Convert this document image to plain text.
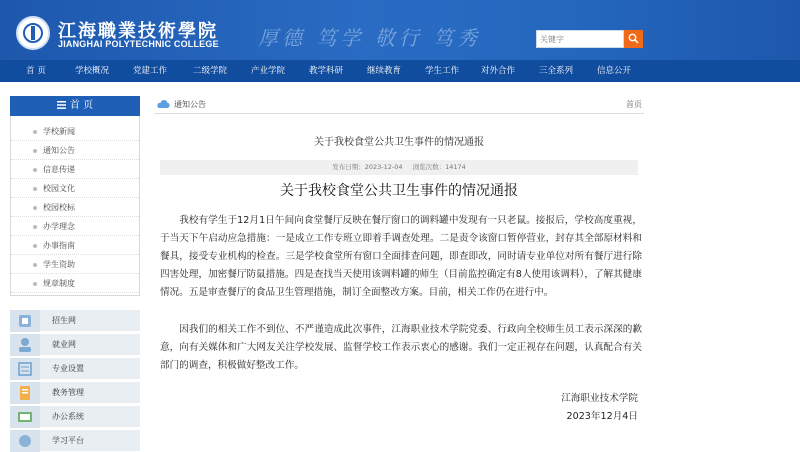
江海職業技術學院
JIANGHAI POLYTECHNIC COLLEGE 厚德 笃学 敬行 笃秀
关键字
首 页	学校概况	党建工作	二级学院	产业学院	教学科研	继续教育	学生工作	对外合作	三全系列	信息公开
首 页
学校新闻
通知公告
信息传递
校园文化
校园校标
办学理念
办事指南
学生资助
规章制度
招生网
就业网
专业设置
教务管理
办公系统
学习平台
通知公告	首页
关于我校食堂公共卫生事件的情况通报
发布日期：2023-12-04 浏览次数：14174
关于我校食堂公共卫生事件的情况通报
我校有学生于12月1日午间向食堂餐厅反映在餐厅窗口的调料罐中发现有一只老鼠。接报后，学校高度重视，于当天下午启动应急措施：一是成立工作专班立即着手调查处理。二是责令该窗口暂停营业，封存其全部原材料和餐具，接受专业机构的检查。三是学校食堂所有窗口全面排查问题，即查即改，同时请专业单位对所有餐厅进行除四害处理，加密餐厅防鼠措施。四是查找当天使用该调料罐的师生（目前监控确定有8人使用该调料），了解其健康情况。五是审查餐厅的食品卫生管理措施，制订全面整改方案。目前，相关工作仍在进行中。
因我们的相关工作不到位、不严谨造成此次事件，江海职业技术学院党委、行政向全校师生员工表示深深的歉意，向有关媒体和广大网友关注学校发展、监督学校工作表示衷心的感谢。我们一定正视存在问题，认真配合有关部门的调查，积极做好整改工作。
江海职业技术学院
2023年12月4日
